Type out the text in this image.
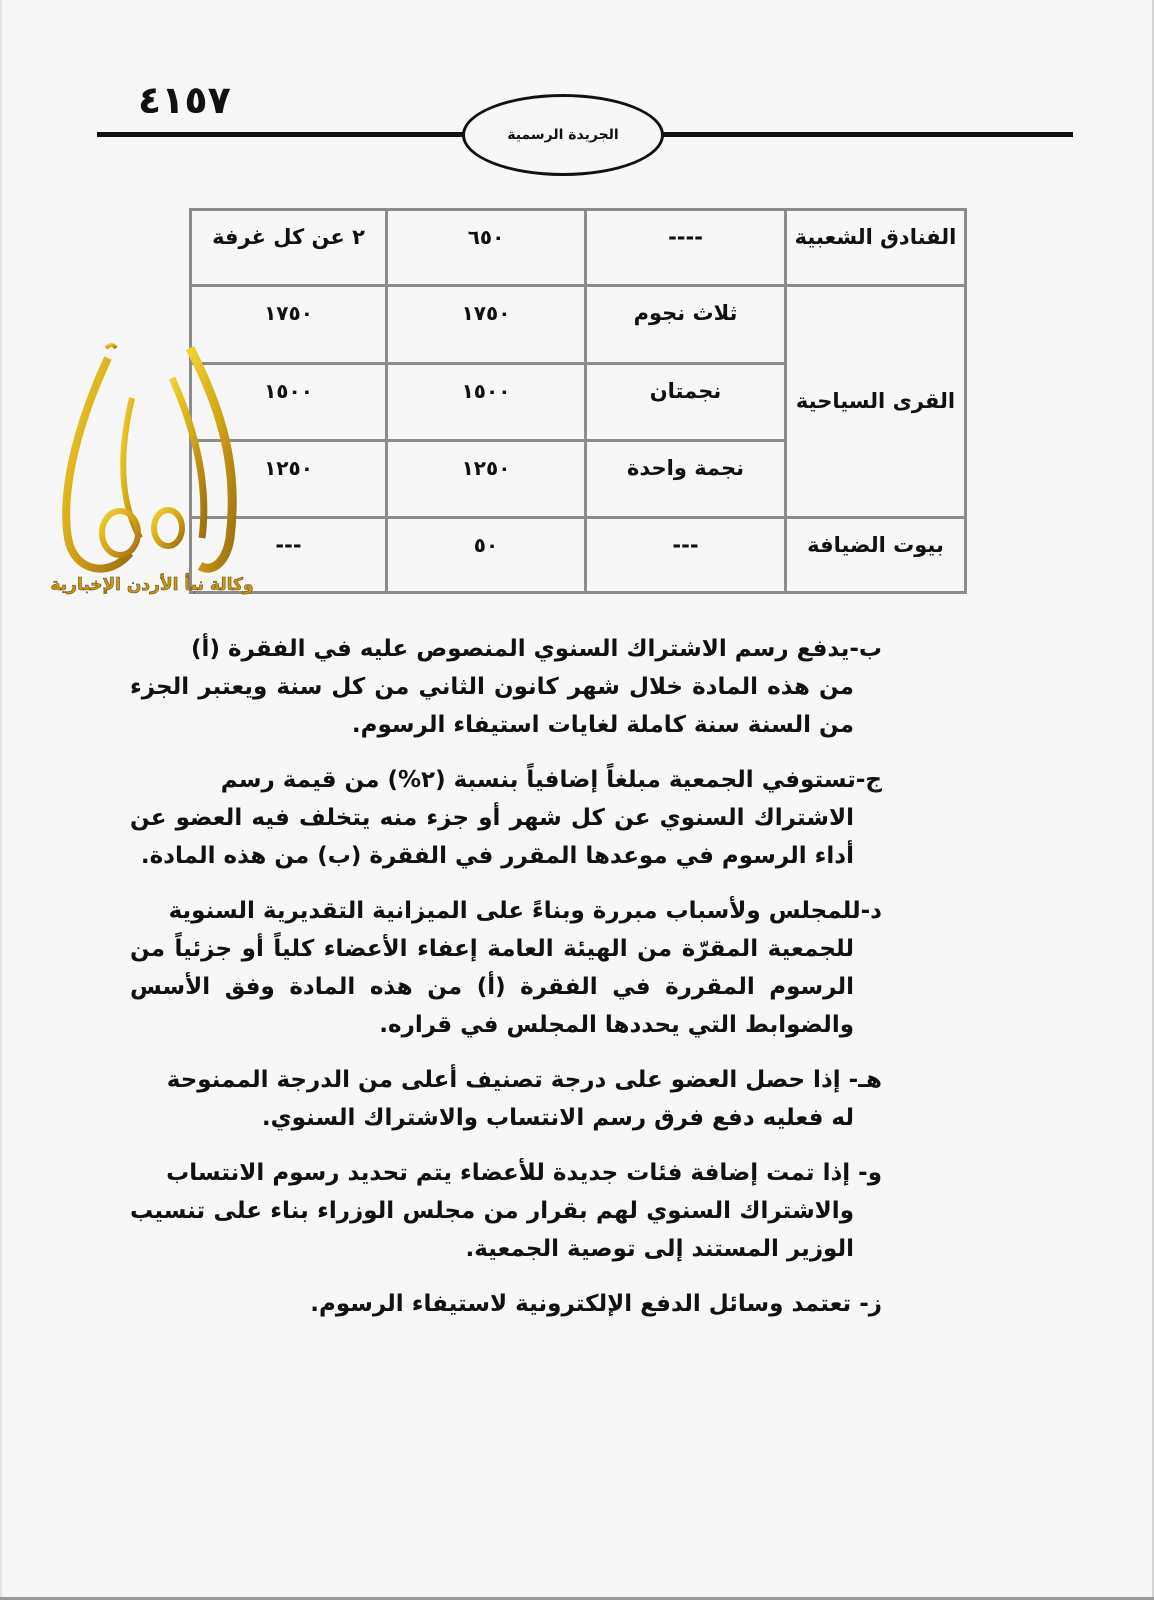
٤١٥٧
الجريدة الرسمية
الفنادق الشعبية	----	٦٥٠	٢ عن كل غرفة
القرى السياحية	ثلاث نجوم	١٧٥٠	١٧٥٠
	نجمتان	١٥٠٠	١٥٠٠
	نجمة واحدة	١٢٥٠	١٢٥٠
بيوت الضيافة	---	٥٠	---
وكالة نبأ الأردن الإخبارية
ب-يدفع رسم الاشتراك السنوي المنصوص عليه في الفقرة (أ)
من هذه المادة خلال شهر كانون الثاني من كل سنة ويعتبر الجزء من السنة سنة كاملة لغايات استيفاء الرسوم.
ج-تستوفي الجمعية مبلغاً إضافياً بنسبة (٢%) من قيمة رسم
الاشتراك السنوي عن كل شهر أو جزء منه يتخلف فيه العضو عن أداء الرسوم في موعدها المقرر في الفقرة (ب) من هذه المادة.
د-للمجلس ولأسباب مبررة وبناءً على الميزانية التقديرية السنوية
للجمعية المقرّة من الهيئة العامة إعفاء الأعضاء كلياً أو جزئياً من الرسوم المقررة في الفقرة (أ) من هذه المادة وفق الأسس والضوابط التي يحددها المجلس في قراره.
هـ- إذا حصل العضو على درجة تصنيف أعلى من الدرجة الممنوحة
له فعليه دفع فرق رسم الانتساب والاشتراك السنوي.
و- إذا تمت إضافة فئات جديدة للأعضاء يتم تحديد رسوم الانتساب
والاشتراك السنوي لهم بقرار من مجلس الوزراء بناء على تنسيب الوزير المستند إلى توصية الجمعية.
ز- تعتمد وسائل الدفع الإلكترونية لاستيفاء الرسوم.
